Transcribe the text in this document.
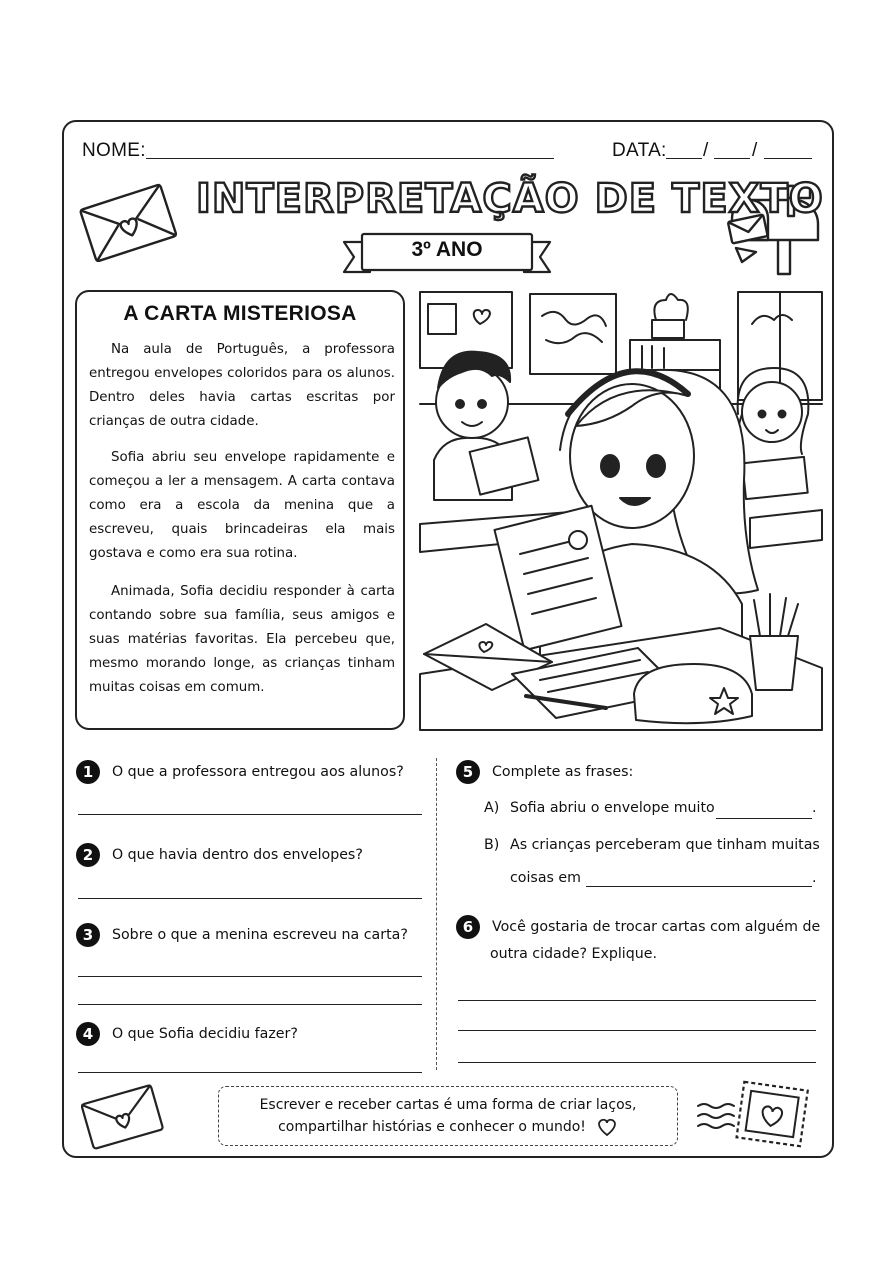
NOME:	DATA: / /
INTERPRETAÇÃO DE TEXTO
3º ANO
A CARTA MISTERIOSA
Na aula de Português, a professora entregou envelopes coloridos para os alunos. Dentro deles havia cartas escritas por crianças de outra cidade.
Sofia abriu seu envelope rapidamente e começou a ler a mensagem. A carta contava como era a escola da menina que a escreveu, quais brincadeiras ela mais gostava e como era sua rotina.
Animada, Sofia decidiu responder à carta contando sobre sua família, seus amigos e suas matérias favoritas. Ela percebeu que, mesmo morando longe, as crianças tinham muitas coisas em comum.
1	O que a professora entregou aos alunos?
2	O que havia dentro dos envelopes?
3	Sobre o que a menina escreveu na carta?
4	O que Sofia decidiu fazer?
5	Complete as frases:
A) Sofia abriu o envelope muito	.
B) As crianças perceberam que tinham muitas
coisas em	.
6	Você gostaria de trocar cartas com alguém de
outra cidade? Explique.
Escrever e receber cartas é uma forma de criar laços,
compartilhar histórias e conhecer o mundo!
